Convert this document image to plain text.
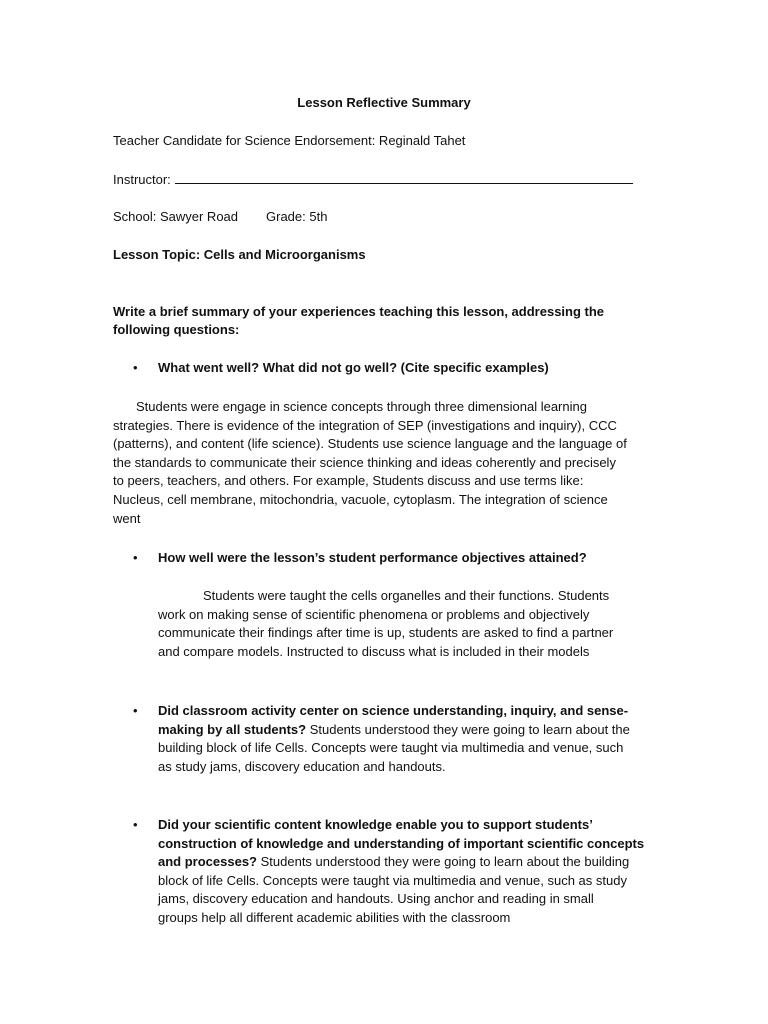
Lesson Reflective Summary
Teacher Candidate for Science Endorsement: Reginald Tahet
Instructor:
School: Sawyer Road Grade: 5th
Lesson Topic: Cells and Microorganisms
Write a brief summary of your experiences teaching this lesson, addressing the
following questions:
• What went well? What did not go well? (Cite specific examples)
Students were engage in science concepts through three dimensional learning
strategies. There is evidence of the integration of SEP (investigations and inquiry), CCC
(patterns), and content (life science). Students use science language and the language of
the standards to communicate their science thinking and ideas coherently and precisely
to peers, teachers, and others. For example, Students discuss and use terms like:
Nucleus, cell membrane, mitochondria, vacuole, cytoplasm. The integration of science
went
• How well were the lesson’s student performance objectives attained?
Students were taught the cells organelles and their functions. Students
work on making sense of scientific phenomena or problems and objectively
communicate their findings after time is up, students are asked to find a partner
and compare models. Instructed to discuss what is included in their models
• Did classroom activity center on science understanding, inquiry, and sense-
making by all students? Students understood they were going to learn about the
building block of life Cells. Concepts were taught via multimedia and venue, such
as study jams, discovery education and handouts.
• Did your scientific content knowledge enable you to support students’
construction of knowledge and understanding of important scientific concepts
and processes? Students understood they were going to learn about the building
block of life Cells. Concepts were taught via multimedia and venue, such as study
jams, discovery education and handouts. Using anchor and reading in small
groups help all different academic abilities with the classroom
